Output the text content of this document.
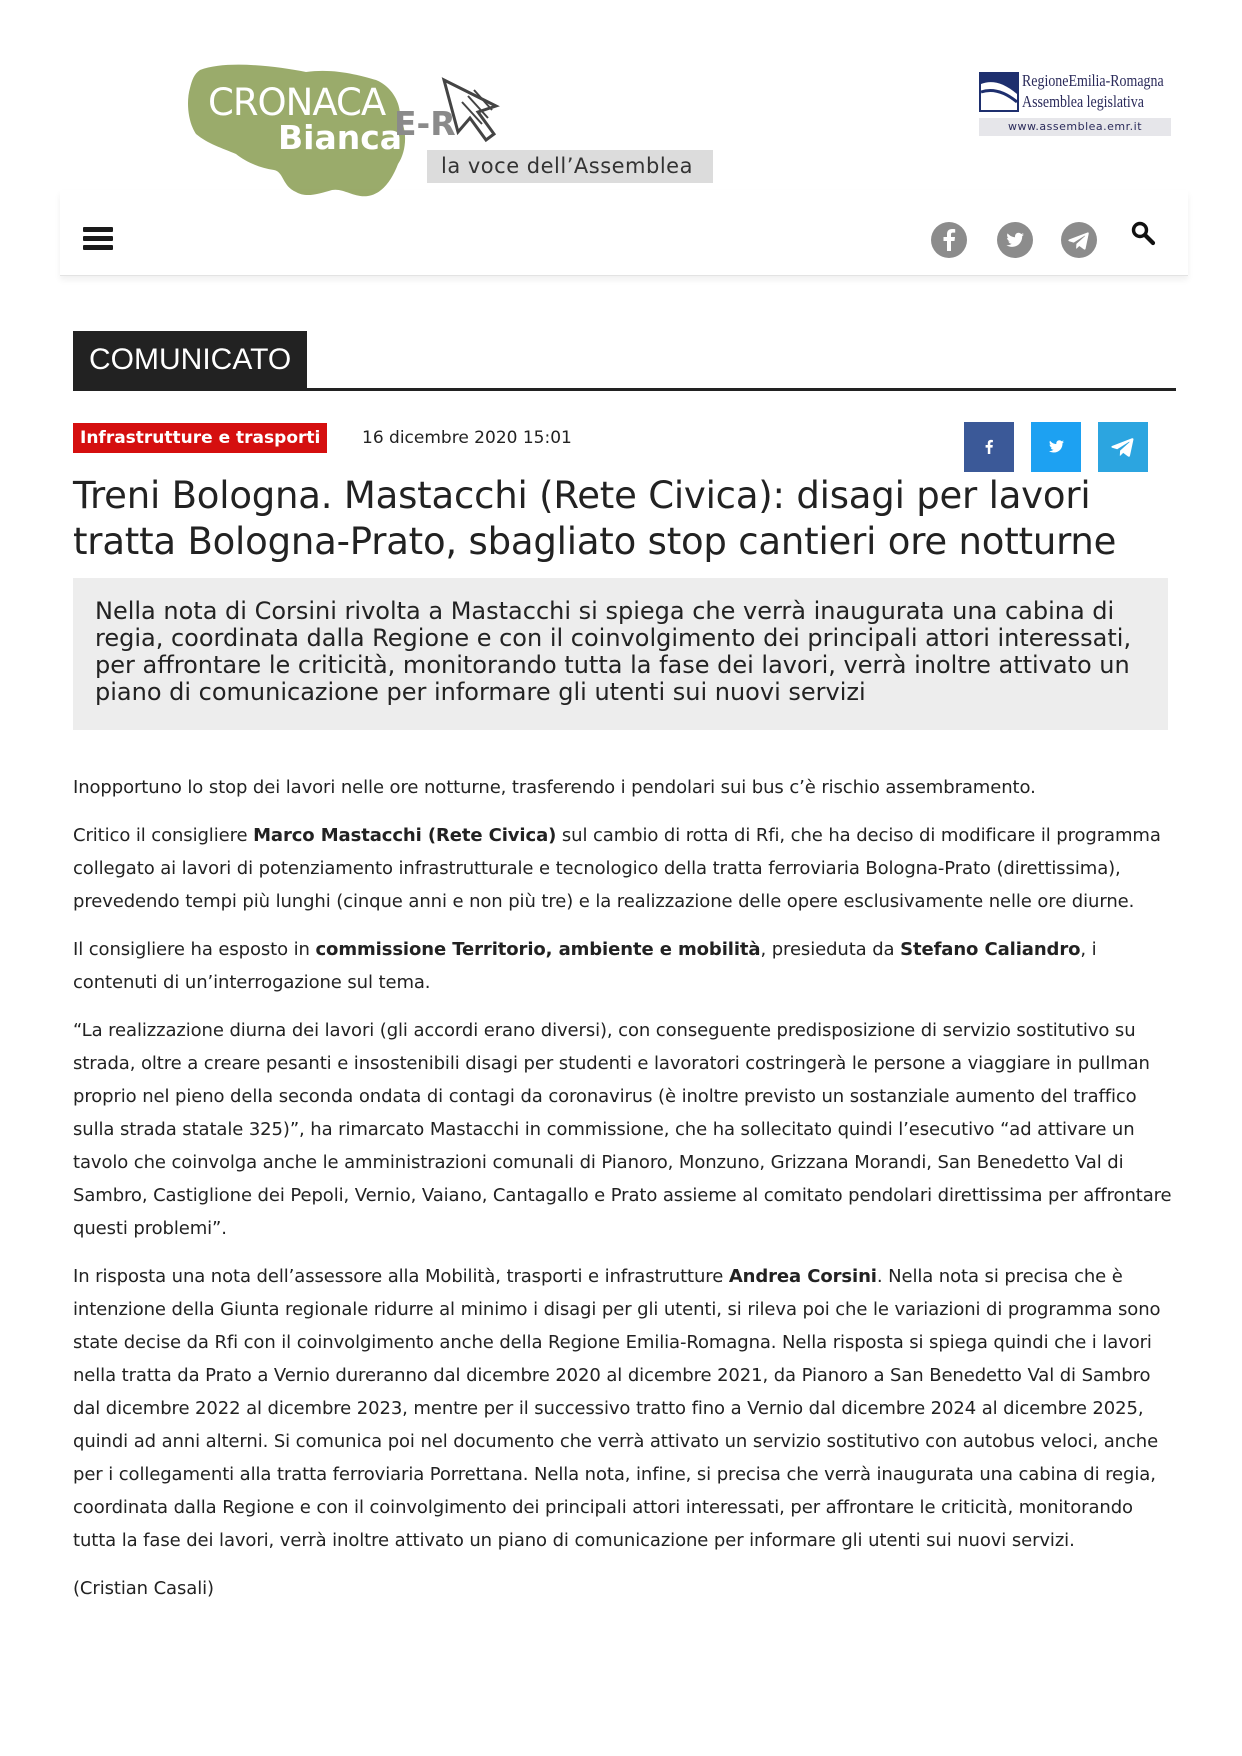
CRONACA
Bianca
E-R
la voce dell’Assemblea
RegioneEmilia-Romagna
Assemblea legislativa
www.assemblea.emr.it
COMUNICATO
Infrastrutture e trasporti	16 dicembre 2020 15:01
Treni Bologna. Mastacchi (Rete Civica): disagi per lavori tratta Bologna-Prato, sbagliato stop cantieri ore notturne

Nella nota di Corsini rivolta a Mastacchi si spiega che verrà inaugurata una cabina di regia, coordinata dalla Regione e con il coinvolgimento dei principali attori interessati, per affrontare le criticità, monitorando tutta la fase dei lavori, verrà inoltre attivato un piano di comunicazione per informare gli utenti sui nuovi servizi

Inopportuno lo stop dei lavori nelle ore notturne, trasferendo i pendolari sui bus c’è rischio assembramento.

Critico il consigliere Marco Mastacchi (Rete Civica) sul cambio di rotta di Rfi, che ha deciso di modificare il programma collegato ai lavori di potenziamento infrastrutturale e tecnologico della tratta ferroviaria Bologna-Prato (direttissima), prevedendo tempi più lunghi (cinque anni e non più tre) e la realizzazione delle opere esclusivamente nelle ore diurne.

Il consigliere ha esposto in commissione Territorio, ambiente e mobilità, presieduta da Stefano Caliandro, i contenuti di un’interrogazione sul tema.

“La realizzazione diurna dei lavori (gli accordi erano diversi), con conseguente predisposizione di servizio sostitutivo su strada, oltre a creare pesanti e insostenibili disagi per studenti e lavoratori costringerà le persone a viaggiare in pullman proprio nel pieno della seconda ondata di contagi da coronavirus (è inoltre previsto un sostanziale aumento del traffico sulla strada statale 325)”, ha rimarcato Mastacchi in commissione, che ha sollecitato quindi l’esecutivo “ad attivare un tavolo che coinvolga anche le amministrazioni comunali di Pianoro, Monzuno, Grizzana Morandi, San Benedetto Val di Sambro, Castiglione dei Pepoli, Vernio, Vaiano, Cantagallo e Prato assieme al comitato pendolari direttissima per affrontare questi problemi”.

In risposta una nota dell’assessore alla Mobilità, trasporti e infrastrutture Andrea Corsini. Nella nota si precisa che è intenzione della Giunta regionale ridurre al minimo i disagi per gli utenti, si rileva poi che le variazioni di programma sono state decise da Rfi con il coinvolgimento anche della Regione Emilia-Romagna. Nella risposta si spiega quindi che i lavori nella tratta da Prato a Vernio dureranno dal dicembre 2020 al dicembre 2021, da Pianoro a San Benedetto Val di Sambro dal dicembre 2022 al dicembre 2023, mentre per il successivo tratto fino a Vernio dal dicembre 2024 al dicembre 2025, quindi ad anni alterni. Si comunica poi nel documento che verrà attivato un servizio sostitutivo con autobus veloci, anche per i collegamenti alla tratta ferroviaria Porrettana. Nella nota, infine, si precisa che verrà inaugurata una cabina di regia, coordinata dalla Regione e con il coinvolgimento dei principali attori interessati, per affrontare le criticità, monitorando tutta la fase dei lavori, verrà inoltre attivato un piano di comunicazione per informare gli utenti sui nuovi servizi.

(Cristian Casali)
